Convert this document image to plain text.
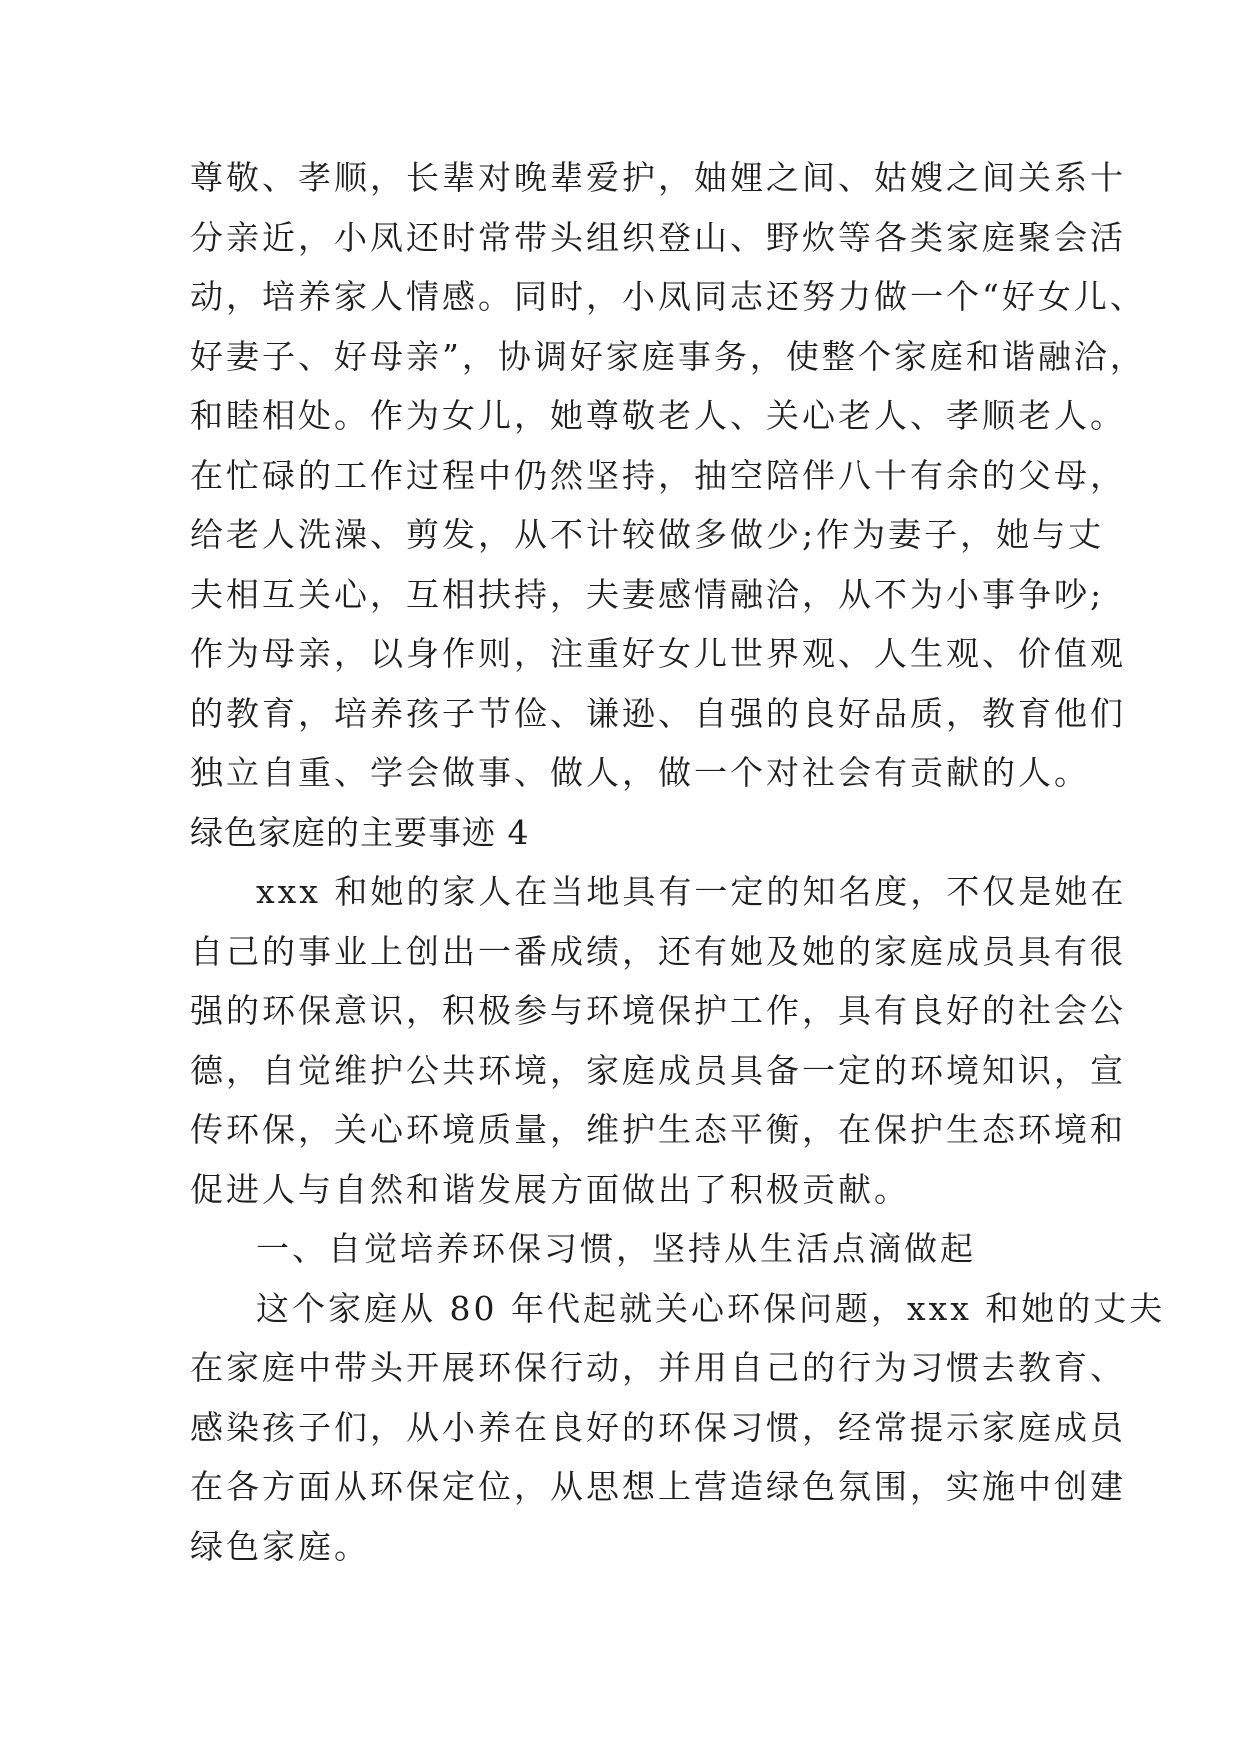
尊敬、孝顺，长辈对晚辈爱护，妯娌之间、姑嫂之间关系十
分亲近，小凤还时常带头组织登山、野炊等各类家庭聚会活
动，培养家人情感。同时，小凤同志还努力做一个“好女儿、
好妻子、好母亲”，协调好家庭事务，使整个家庭和谐融洽，
和睦相处。作为女儿，她尊敬老人、关心老人、孝顺老人。
在忙碌的工作过程中仍然坚持，抽空陪伴八十有余的父母，
给老人洗澡、剪发，从不计较做多做少;作为妻子，她与丈
夫相互关心，互相扶持，夫妻感情融洽，从不为小事争吵;
作为母亲，以身作则，注重好女儿世界观、人生观、价值观
的教育，培养孩子节俭、谦逊、自强的良好品质，教育他们
独立自重、学会做事、做人，做一个对社会有贡献的人。
绿色家庭的主要事迹 4
xxx 和她的家人在当地具有一定的知名度，不仅是她在
自己的事业上创出一番成绩，还有她及她的家庭成员具有很
强的环保意识，积极参与环境保护工作，具有良好的社会公
德，自觉维护公共环境，家庭成员具备一定的环境知识，宣
传环保，关心环境质量，维护生态平衡，在保护生态环境和
促进人与自然和谐发展方面做出了积极贡献。
一、自觉培养环保习惯，坚持从生活点滴做起
这个家庭从 80 年代起就关心环保问题，xxx 和她的丈夫
在家庭中带头开展环保行动，并用自己的行为习惯去教育、
感染孩子们，从小养在良好的环保习惯，经常提示家庭成员
在各方面从环保定位，从思想上营造绿色氛围，实施中创建
绿色家庭。
